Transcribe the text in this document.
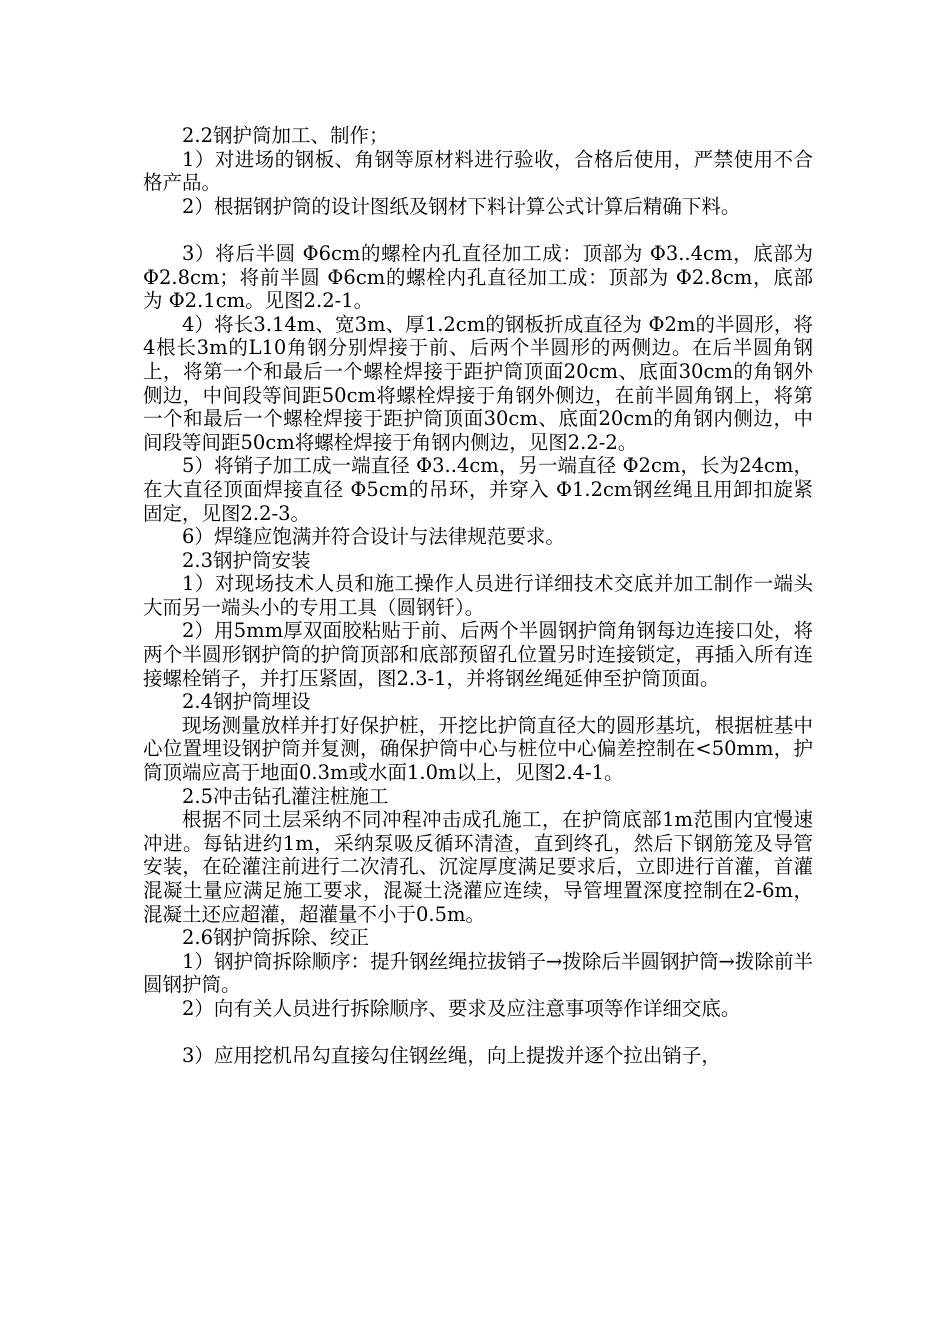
2.2钢护筒加工、制作；

1）对进场的钢板、角钢等原材料进行验收，合格后使用，严禁使用不合格产品。

2）根据钢护筒的设计图纸及钢材下料计算公式计算后精确下料。

3）将后半圆 Φ6cm的螺栓内孔直径加工成：顶部为 Φ3..4cm，底部为 Φ2.8cm；将前半圆 Φ6cm的螺栓内孔直径加工成：顶部为 Φ2.8cm，底部为 Φ2.1cm。见图2.2-1。

4）将长3.14m、宽3m、厚1.2cm的钢板折成直径为 Φ2m的半圆形，将4根长3m的L10角钢分别焊接于前、后两个半圆形的两侧边。在后半圆角钢上，将第一个和最后一个螺栓焊接于距护筒顶面20cm、底面30cm的角钢外侧边，中间段等间距50cm将螺栓焊接于角钢外侧边，在前半圆角钢上，将第一个和最后一个螺栓焊接于距护筒顶面30cm、底面20cm的角钢内侧边，中间段等间距50cm将螺栓焊接于角钢内侧边，见图2.2-2。

5）将销子加工成一端直径 Φ3..4cm，另一端直径 Φ2cm，长为24cm，在大直径顶面焊接直径 Φ5cm的吊环，并穿入 Φ1.2cm钢丝绳且用卸扣旋紧固定，见图2.2-3。

6）焊缝应饱满并符合设计与法律规范要求。

2.3钢护筒安装

1）对现场技术人员和施工操作人员进行详细技术交底并加工制作一端头大而另一端头小的专用工具（圆钢钎）。

2）用5mm厚双面胶粘贴于前、后两个半圆钢护筒角钢每边连接口处，将两个半圆形钢护筒的护筒顶部和底部预留孔位置另时连接锁定，再插入所有连接螺栓销子，并打压紧固，图2.3-1，并将钢丝绳延伸至护筒顶面。

2.4钢护筒埋设

现场测量放样并打好保护桩，开挖比护筒直径大的圆形基坑，根据桩基中心位置埋设钢护筒并复测，确保护筒中心与桩位中心偏差控制在<50mm，护筒顶端应高于地面0.3m或水面1.0m以上，见图2.4-1。

2.5冲击钻孔灌注桩施工

根据不同土层采纳不同冲程冲击成孔施工，在护筒底部1m范围内宜慢速冲进。每钻进约1m，采纳泵吸反循环清渣，直到终孔，然后下钢筋笼及导管安装，在砼灌注前进行二次清孔、沉淀厚度满足要求后，立即进行首灌，首灌混凝土量应满足施工要求，混凝土浇灌应连续，导管埋置深度控制在2-6m，混凝土还应超灌，超灌量不小于0.5m。

2.6钢护筒拆除、绞正

1）钢护筒拆除顺序：提升钢丝绳拉拔销子→拨除后半圆钢护筒→拨除前半圆钢护筒。

2）向有关人员进行拆除顺序、要求及应注意事项等作详细交底。

3）应用挖机吊勾直接勾住钢丝绳，向上提拨并逐个拉出销子，
